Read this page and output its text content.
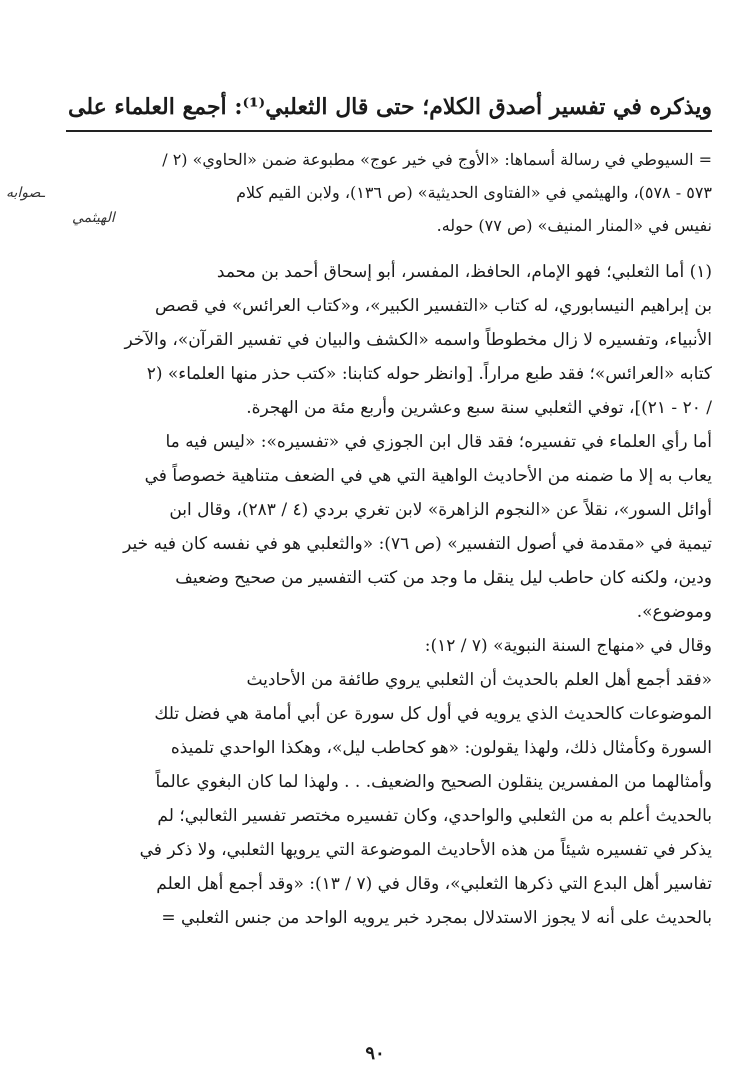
ويذكره في تفسير أصدق الكلام؛ حتى قال الثعلبي⁽¹⁾: أجمع العلماء على
= السيوطي في رسالة أسماها: «الأوج في خير عوج» مطبوعة ضمن «الحاوي» (٢ /
٥٧٣ - ٥٧٨)، والهيثمي في «الفتاوى الحديثية» (ص ١٣٦)، ولابن القيم كلام
نفيس في «المنار المنيف» (ص ٧٧) حوله.
ـصوابه
الهيثمي
(١) أما الثعلبي؛ فهو الإمام، الحافظ، المفسر، أبو إسحاق أحمد بن محمد
بن إبراهيم النيسابوري، له كتاب «التفسير الكبير»، و«كتاب العرائس» في قصص
الأنبياء، وتفسيره لا زال مخطوطاً واسمه «الكشف والبيان في تفسير القرآن»، والآخر
كتابه «العرائس»؛ فقد طبع مراراً. [وانظر حوله كتابنا: «كتب حذر منها العلماء» (٢
/ ٢٠ - ٢١)]، توفي الثعلبي سنة سبع وعشرين وأربع مئة من الهجرة.
أما رأي العلماء في تفسيره؛ فقد قال ابن الجوزي في «تفسيره»: «ليس فيه ما
يعاب به إلا ما ضمنه من الأحاديث الواهية التي هي في الضعف متناهية خصوصاً في
أوائل السور»، نقلاً عن «النجوم الزاهرة» لابن تغري بردي (٤ / ٢٨٣)، وقال ابن
تيمية في «مقدمة في أصول التفسير» (ص ٧٦): «والثعلبي هو في نفسه كان فيه خير
ودين، ولكنه كان حاطب ليل ينقل ما وجد من كتب التفسير من صحيح وضعيف
وموضوع».
وقال في «منهاج السنة النبوية» (٧ / ١٢):
«فقد أجمع أهل العلم بالحديث أن الثعلبي يروي طائفة من الأحاديث
الموضوعات كالحديث الذي يرويه في أول كل سورة عن أبي أمامة هي فضل تلك
السورة وكأمثال ذلك، ولهذا يقولون: «هو كحاطب ليل»، وهكذا الواحدي تلميذه
وأمثالهما من المفسرين ينقلون الصحيح والضعيف. . . ولهذا لما كان البغوي عالماً
بالحديث أعلم به من الثعلبي والواحدي، وكان تفسيره مختصر تفسير الثعالبي؛ لم
يذكر في تفسيره شيئاً من هذه الأحاديث الموضوعة التي يرويها الثعلبي، ولا ذكر في
تفاسير أهل البدع التي ذكرها الثعلبي»، وقال في (٧ / ١٣): «وقد أجمع أهل العلم
بالحديث على أنه لا يجوز الاستدلال بمجرد خبر يرويه الواحد من جنس الثعلبي =
٩٠
